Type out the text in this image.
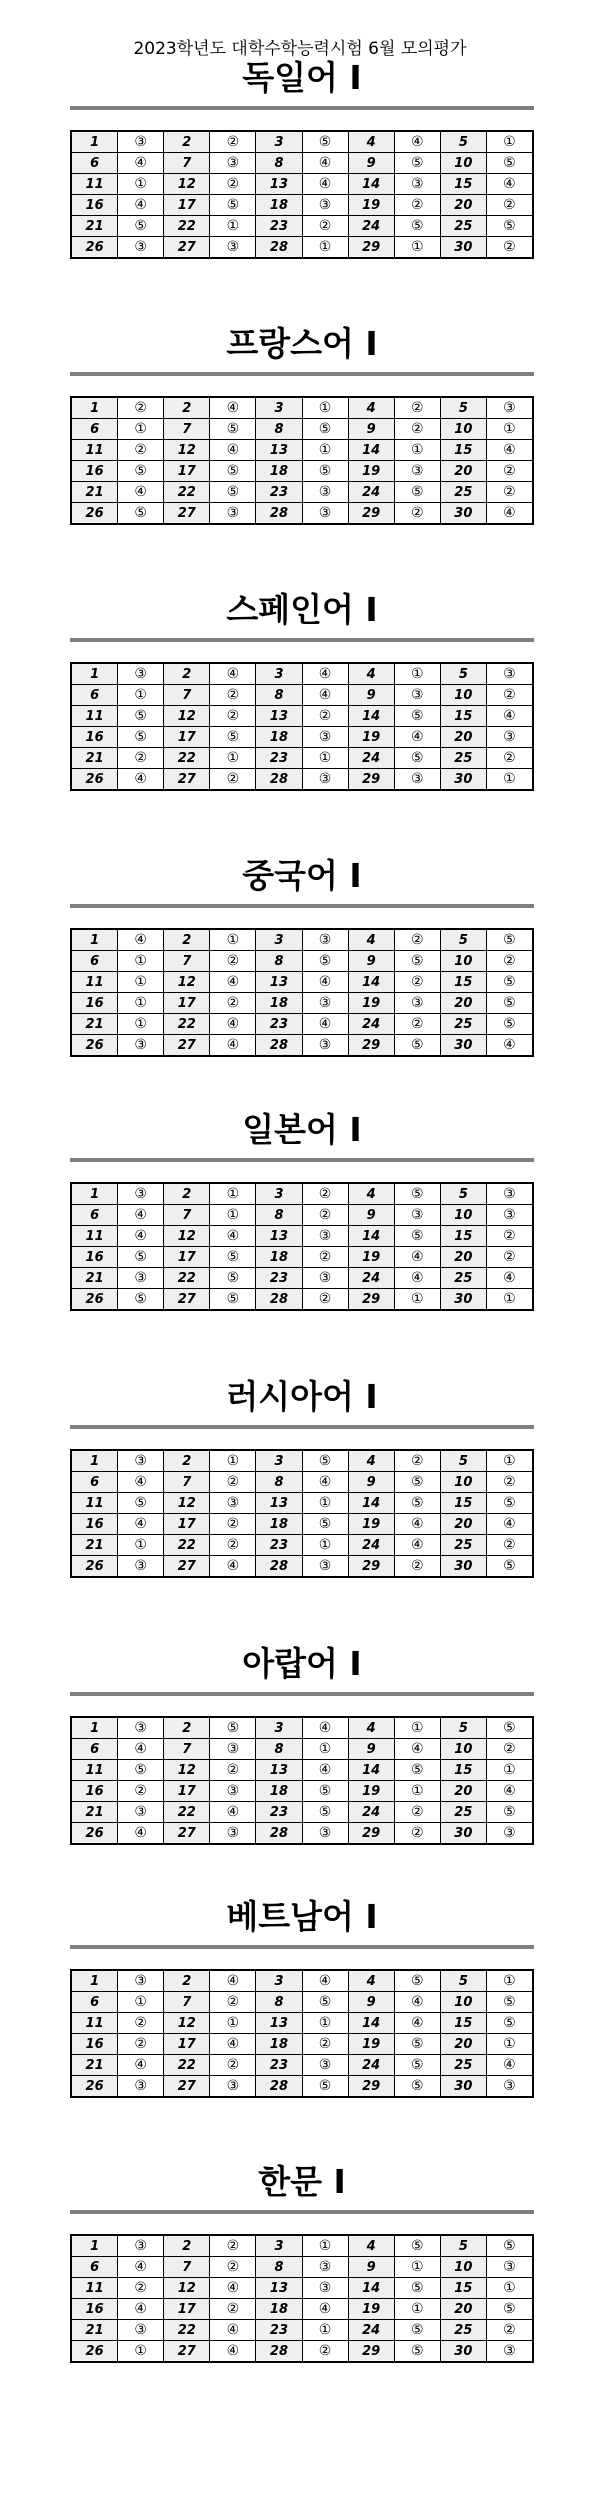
2023학년도 대학수학능력시험 6월 모의평가
독일어 I
1	③	2	②	3	⑤	4	④	5	①
6	④	7	③	8	④	9	⑤	10	⑤
11	①	12	②	13	④	14	③	15	④
16	④	17	⑤	18	③	19	②	20	②
21	⑤	22	①	23	②	24	⑤	25	⑤
26	③	27	③	28	①	29	①	30	②
프랑스어 I
1	②	2	④	3	①	4	②	5	③
6	①	7	⑤	8	⑤	9	②	10	①
11	②	12	④	13	①	14	①	15	④
16	⑤	17	⑤	18	⑤	19	③	20	②
21	④	22	⑤	23	③	24	⑤	25	②
26	⑤	27	③	28	③	29	②	30	④
스페인어 I
1	③	2	④	3	④	4	①	5	③
6	①	7	②	8	④	9	③	10	②
11	⑤	12	②	13	②	14	⑤	15	④
16	⑤	17	⑤	18	③	19	④	20	③
21	②	22	①	23	①	24	⑤	25	②
26	④	27	②	28	③	29	③	30	①
중국어 I
1	④	2	①	3	③	4	②	5	⑤
6	①	7	②	8	⑤	9	⑤	10	②
11	①	12	④	13	④	14	②	15	⑤
16	①	17	②	18	③	19	③	20	⑤
21	①	22	④	23	④	24	②	25	⑤
26	③	27	④	28	③	29	⑤	30	④
일본어 I
1	③	2	①	3	②	4	⑤	5	③
6	④	7	①	8	②	9	③	10	③
11	④	12	④	13	③	14	⑤	15	②
16	⑤	17	⑤	18	②	19	④	20	②
21	③	22	⑤	23	③	24	④	25	④
26	⑤	27	⑤	28	②	29	①	30	①
러시아어 I
1	③	2	①	3	⑤	4	②	5	①
6	④	7	②	8	④	9	⑤	10	②
11	⑤	12	③	13	①	14	⑤	15	⑤
16	④	17	②	18	⑤	19	④	20	④
21	①	22	②	23	①	24	④	25	②
26	③	27	④	28	③	29	②	30	⑤
아랍어 I
1	③	2	⑤	3	④	4	①	5	⑤
6	④	7	③	8	①	9	④	10	②
11	⑤	12	②	13	④	14	⑤	15	①
16	②	17	③	18	⑤	19	①	20	④
21	③	22	④	23	⑤	24	②	25	⑤
26	④	27	③	28	③	29	②	30	③
베트남어 I
1	③	2	④	3	④	4	⑤	5	①
6	①	7	②	8	⑤	9	④	10	⑤
11	②	12	①	13	①	14	④	15	⑤
16	②	17	④	18	②	19	⑤	20	①
21	④	22	②	23	③	24	⑤	25	④
26	③	27	③	28	⑤	29	⑤	30	③
한문 I
1	③	2	②	3	①	4	⑤	5	⑤
6	④	7	②	8	③	9	①	10	③
11	②	12	④	13	③	14	⑤	15	①
16	④	17	②	18	④	19	①	20	⑤
21	③	22	④	23	①	24	⑤	25	②
26	①	27	④	28	②	29	⑤	30	③
